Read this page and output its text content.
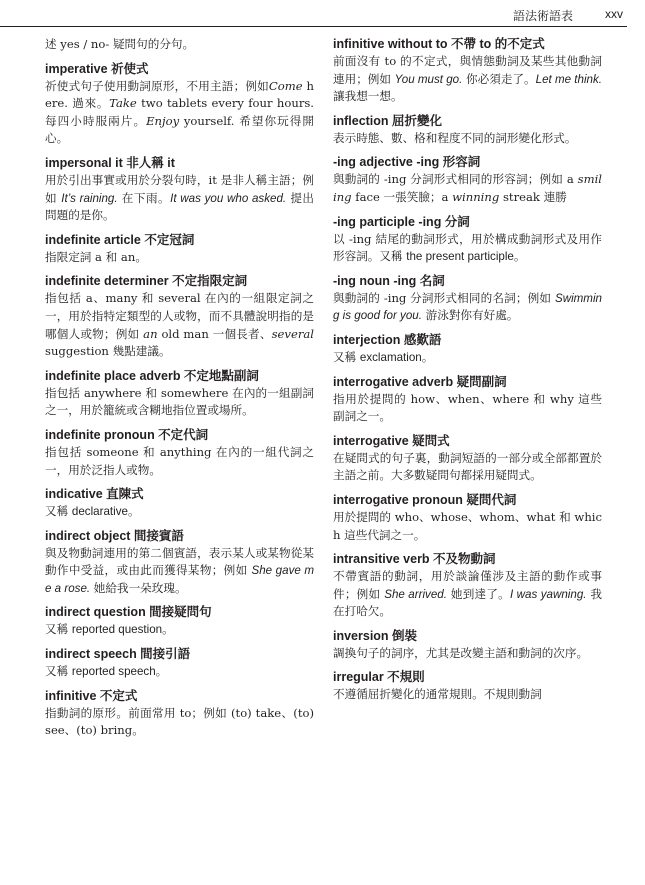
語法術語表	xxv

述 yes / no- 疑問句的分句。

imperative 祈使式

祈使式句子使用動詞原形，不用主語；例如Come here. 過來。Take two tablets every four hours. 每四小時服兩片。Enjoy yourself. 希望你玩得開心。

impersonal it 非人稱 it

用於引出事實或用於分裂句時，it 是非人稱主語；例如 It’s raining. 在下雨。It was you who asked. 提出問題的是你。

indefinite article 不定冠詞

指限定詞 a 和 an。

indefinite determiner 不定指限定詞

指包括 a、many 和 several 在內的一組限定詞之一，用於指特定類型的人或物，而不具體說明指的是哪個人或物；例如 an old man 一個長者、several suggestion 幾點建議。

indefinite place adverb 不定地點副詞

指包括 anywhere 和 somewhere 在內的一組副詞之一，用於籠統或含糊地指位置或場所。

indefinite pronoun 不定代詞

指包括 someone 和 anything 在內的一組代詞之一，用於泛指人或物。

indicative 直陳式

又稱 declarative。

indirect object 間接賓語

與及物動詞連用的第二個賓語，表示某人或某物從某動作中受益，或由此而獲得某物；例如 She gave me a rose. 她給我一朵玫瑰。

indirect question 間接疑問句

又稱 reported question。

indirect speech 間接引語

又稱 reported speech。

infinitive 不定式

指動詞的原形。前面常用 to；例如 (to) take、(to) see、(to) bring。

infinitive without to 不帶 to 的不定式

前面沒有 to 的不定式，與情態動詞及某些其他動詞連用；例如 You must go. 你必須走了。Let me think. 讓我想一想。

inflection 屈折變化

表示時態、數、格和程度不同的詞形變化形式。

-ing adjective -ing 形容詞

與動詞的 -ing 分詞形式相同的形容詞；例如 a smiling face 一張笑臉；a winning streak 連勝

-ing participle -ing 分詞

以 -ing 結尾的動詞形式，用於構成動詞形式及用作形容詞。又稱 the present participle。

-ing noun -ing 名詞

與動詞的 -ing 分詞形式相同的名詞；例如 Swimming is good for you. 游泳對你有好處。

interjection 感歎語

又稱 exclamation。

interrogative adverb 疑問副詞

指用於提問的 how、when、where 和 why 這些副詞之一。

interrogative 疑問式

在疑問式的句子裏，動詞短語的一部分或全部都置於主語之前。大多數疑問句都採用疑問式。

interrogative pronoun 疑問代詞

用於提問的 who、whose、whom、what 和 which 這些代詞之一。

intransitive verb 不及物動詞

不帶賓語的動詞，用於談論僅涉及主語的動作或事件；例如 She arrived. 她到達了。I was yawning. 我在打哈欠。

inversion 倒裝

調換句子的詞序，尤其是改變主語和動詞的次序。

irregular 不規則

不遵循屈折變化的通常規則。不規則動詞
